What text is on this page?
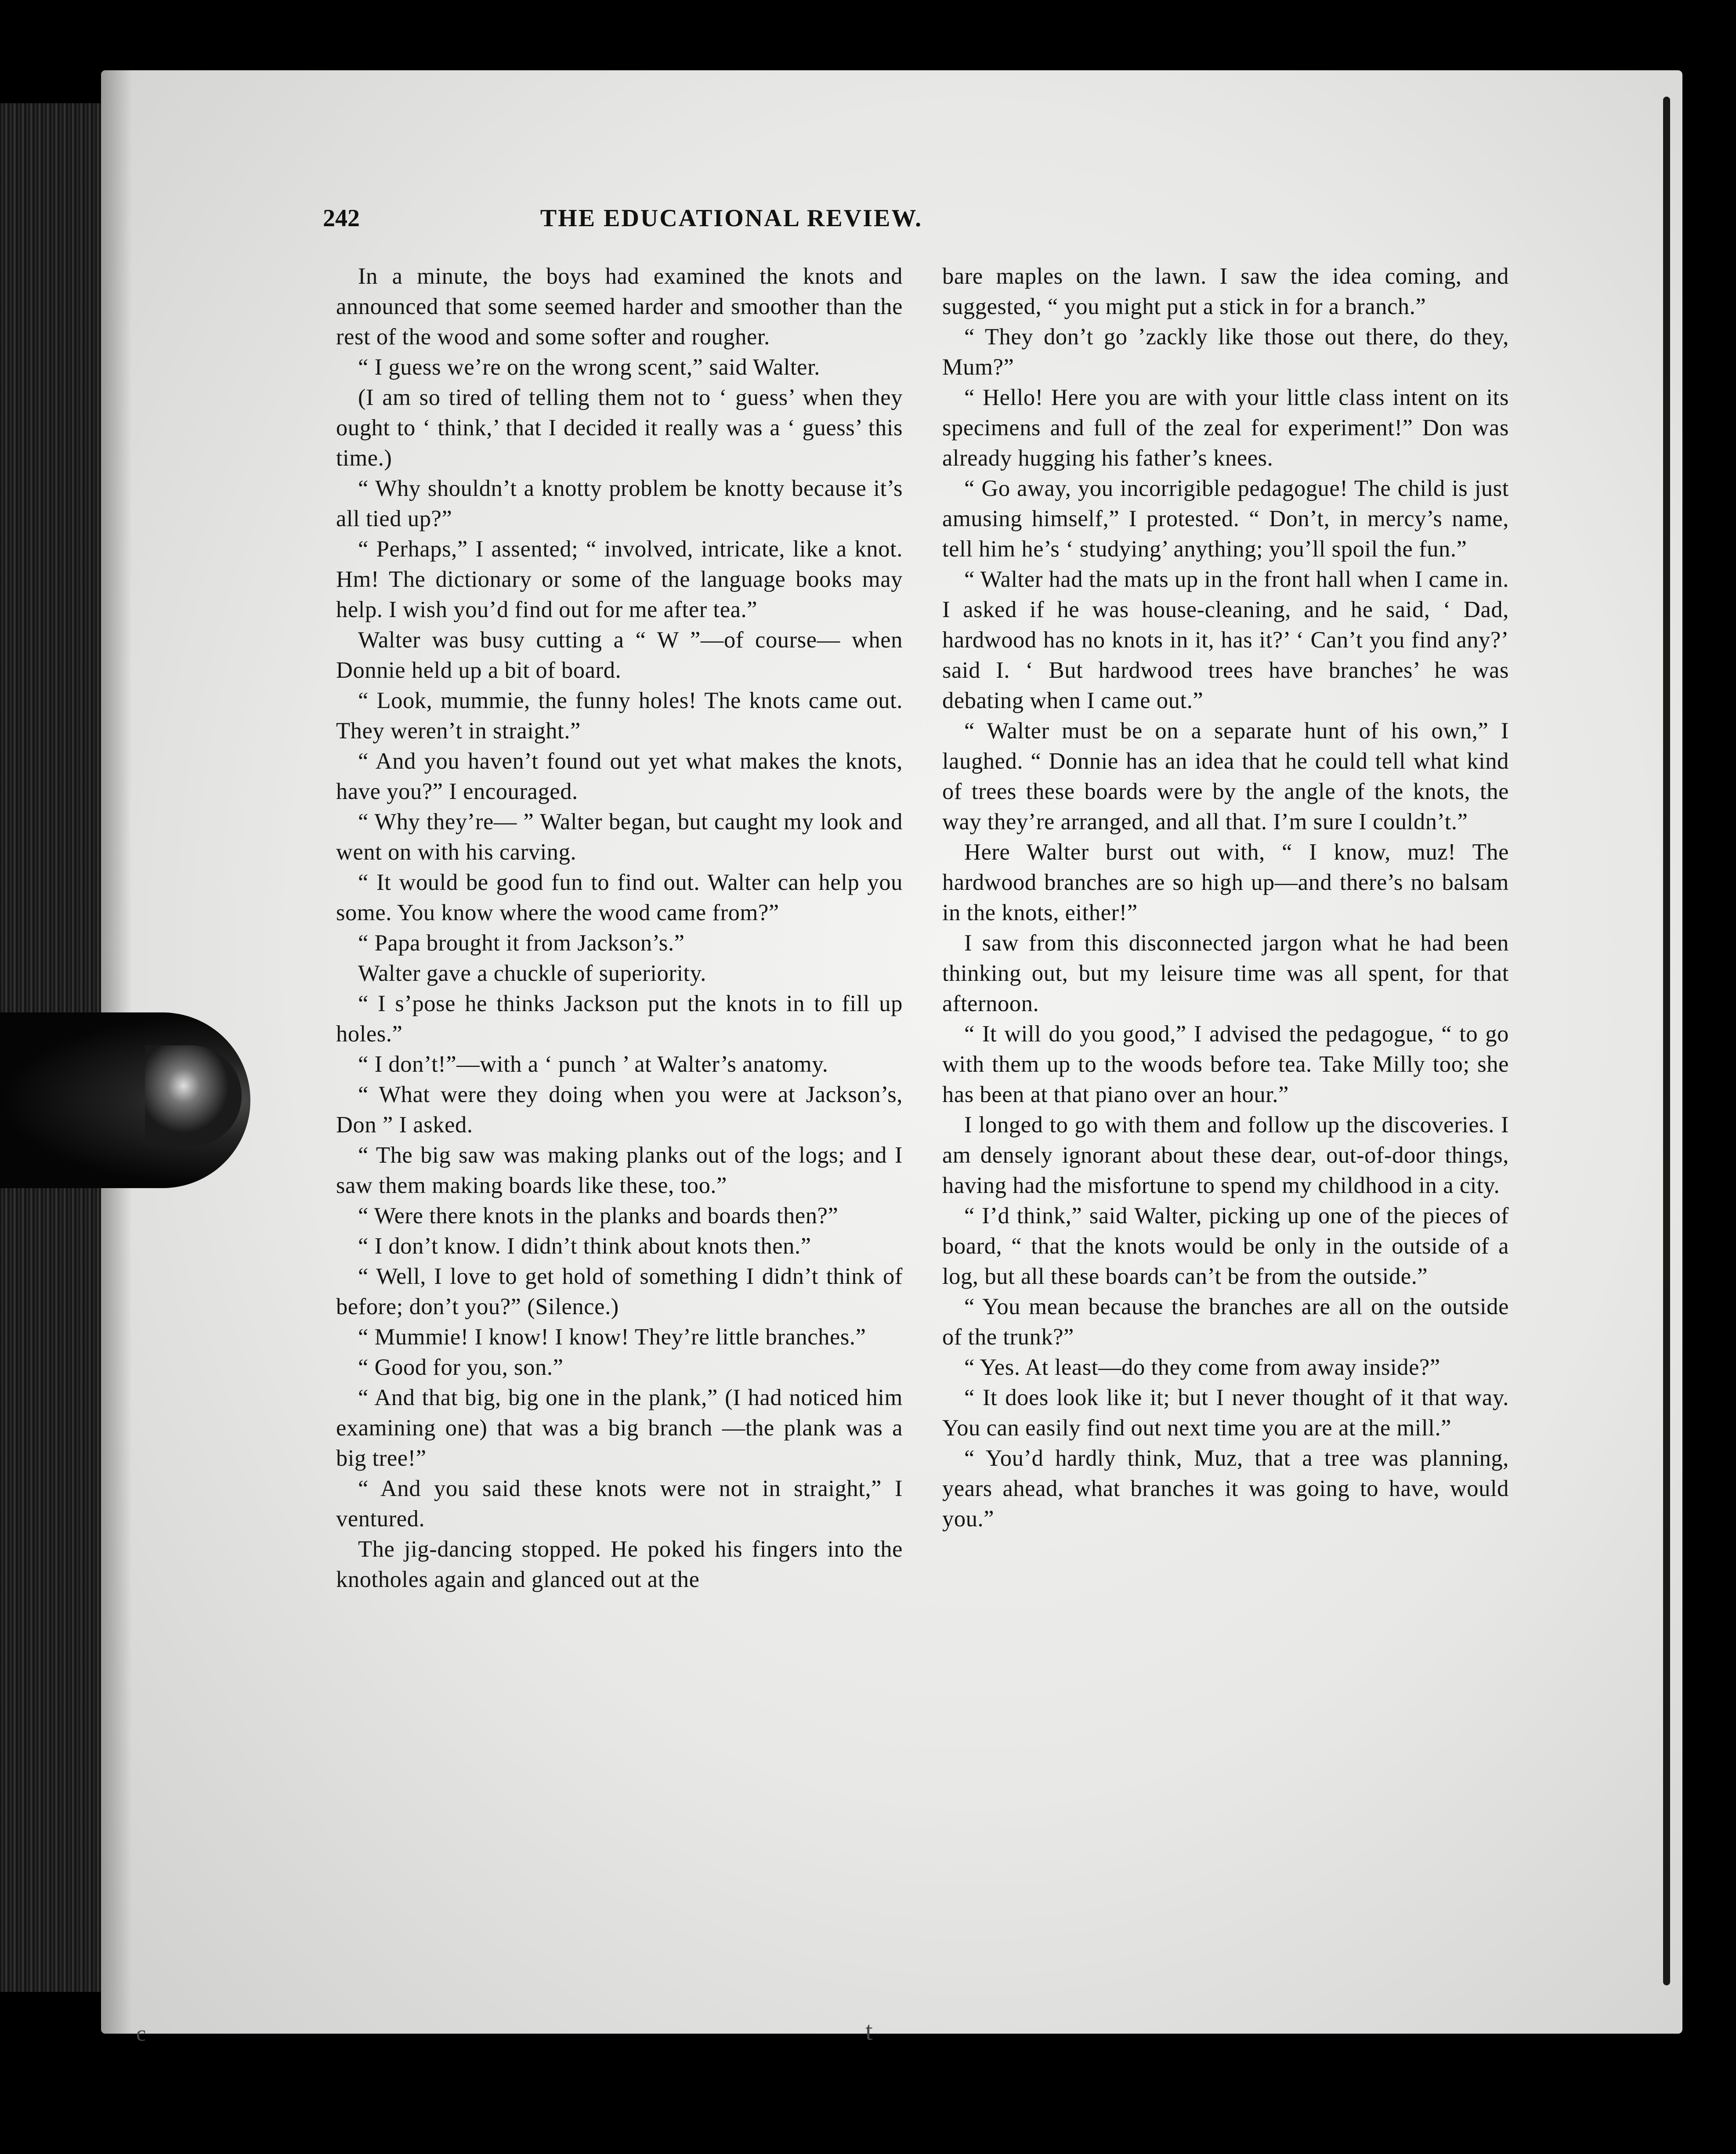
242	THE EDUCATIONAL REVIEW.

In a minute, the boys had examined the knots and announced that some seemed harder and smoother than the rest of the wood and some softer and rougher.

“ I guess we’re on the wrong scent,” said Walter.

(I am so tired of telling them not to ‘ guess’ when they ought to ‘ think,’ that I decided it really was a ‘ guess’ this time.)

“ Why shouldn’t a knotty problem be knotty because it’s all tied up?”

“ Perhaps,” I assented; “ involved, intricate, like a knot. Hm! The dictionary or some of the language books may help. I wish you’d find out for me after tea.”

Walter was busy cutting a “ W ”—of course— when Donnie held up a bit of board.

“ Look, mummie, the funny holes! The knots came out. They weren’t in straight.”

“ And you haven’t found out yet what makes the knots, have you?” I encouraged.

“ Why they’re— ” Walter began, but caught my look and went on with his carving.

“ It would be good fun to find out. Walter can help you some. You know where the wood came from?”

“ Papa brought it from Jackson’s.”

Walter gave a chuckle of superiority.

“ I s’pose he thinks Jackson put the knots in to fill up holes.”

“ I don’t!”—with a ‘ punch ’ at Walter’s anatomy.

“ What were they doing when you were at Jackson’s, Don ” I asked.

“ The big saw was making planks out of the logs; and I saw them making boards like these, too.”

“ Were there knots in the planks and boards then?”

“ I don’t know. I didn’t think about knots then.”

“ Well, I love to get hold of something I didn’t think of before; don’t you?” (Silence.)

“ Mummie! I know! I know! They’re little branches.”

“ Good for you, son.”

“ And that big, big one in the plank,” (I had noticed him examining one) that was a big branch —the plank was a big tree!”

“ And you said these knots were not in straight,” I ventured.

The jig-dancing stopped. He poked his fingers into the knotholes again and glanced out at the

bare maples on the lawn. I saw the idea coming, and suggested, “ you might put a stick in for a branch.”

“ They don’t go ’zackly like those out there, do they, Mum?”

“ Hello! Here you are with your little class intent on its specimens and full of the zeal for experiment!” Don was already hugging his father’s knees.

“ Go away, you incorrigible pedagogue! The child is just amusing himself,” I protested. “ Don’t, in mercy’s name, tell him he’s ‘ studying’ anything; you’ll spoil the fun.”

“ Walter had the mats up in the front hall when I came in. I asked if he was house-cleaning, and he said, ‘ Dad, hardwood has no knots in it, has it?’ ‘ Can’t you find any?’ said I. ‘ But hardwood trees have branches’ he was debating when I came out.”

“ Walter must be on a separate hunt of his own,” I laughed. “ Donnie has an idea that he could tell what kind of trees these boards were by the angle of the knots, the way they’re arranged, and all that. I’m sure I couldn’t.”

Here Walter burst out with, “ I know, muz! The hardwood branches are so high up—and there’s no balsam in the knots, either!”

I saw from this disconnected jargon what he had been thinking out, but my leisure time was all spent, for that afternoon.

“ It will do you good,” I advised the pedagogue, “ to go with them up to the woods before tea. Take Milly too; she has been at that piano over an hour.”

I longed to go with them and follow up the discoveries. I am densely ignorant about these dear, out-of-door things, having had the misfortune to spend my childhood in a city.

“ I’d think,” said Walter, picking up one of the pieces of board, “ that the knots would be only in the outside of a log, but all these boards can’t be from the outside.”

“ You mean because the branches are all on the outside of the trunk?”

“ Yes. At least—do they come from away inside?”

“ It does look like it; but I never thought of it that way. You can easily find out next time you are at the mill.”

“ You’d hardly think, Muz, that a tree was planning, years ahead, what branches it was going to have, would you.”

t
c
